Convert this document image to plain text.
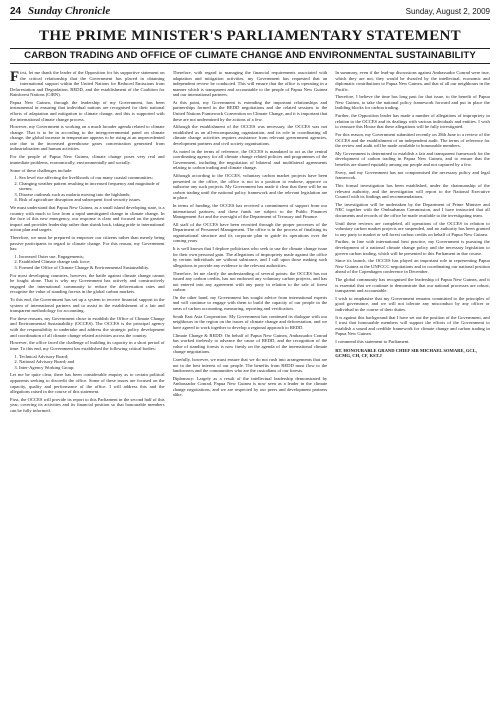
24 Sunday Chronicle	Sunday, August 2, 2009
THE PRIME MINISTER'S PARLIAMENTARY STATEMENT
CARBON TRADING AND OFFICE OF CLIMATE CHANGE AND ENVIRONMENTAL SUSTAINABILITY

First, let me thank the leader of the Opposition for his supportive statement on the critical relationship that the Government has placed in obtaining international support within the United Nations for Reduced Emissions from Deforestation and Degradation, REDD, and the establishment of the Coalition for Rainforest Nations (CfRN).

Papua New Guinea, through the leadership of my Government, has been instrumental in ensuring that individual nations are recognised for their national efforts of adaptation and mitigation to climate change, and this is supported with the international climate change process.

However, my Government is working on a much broader agenda related to climate change. That is to be in according to the intergovernmental panel on climate change, the global increase in temperature appears to be rising at an unprecedented rate due to the increased greenhouse gases concentration generated from industrialisation and human activities.

For the people of Papua New Guinea, climate change poses very real and immediate problems, economically, environmentally and socially.

Some of these challenges include:

1. Sea level rise affecting the livelihoods of our many coastal communities;
2. Changing weather pattern resulting in increased frequency and magnitude of storms;
3. Disease outbreak such as malaria moving into the highlands;
4. Risk of agriculture disruption and subsequent food security issues.

We must understand that Papua New Guinea, as a small island developing state, is a country with much to lose from a rapid unmitigated change in climate change. In the face of this new emergency, our response is clear and focused on the greatest impact and provides leadership rather than shrink back, taking pride to international action plan and targets.

Therefore, we must be prepared to empower our citizens rather than merely being passive participants in regard to climate change. For this reason, my Government has:

1. Increased Outer use, Engagements;
2. Established Climate change task force;
3. Formed the Office of Climate Change & Environmental Sustainability.

For most developing countries, however, the battle against climate change cannot be fought alone. That is why my Government has actively and constructively engaged the international community to reduce the deforestation rates and recognise the value of standing forests in the global carbon markets.

To this end, the Government has set up a system to receive financial support in the system of international partners and to assist in the establishment of a fair and transparent methodology for accounting.

For these reasons, my Government chose to establish the Office of Climate Change and Environmental Sustainability (OCCES). The OCCES is the principal agency with the responsibility to undertake and address the strategic policy development and coordination of all climate change related activities across the country.

However, the office faced the challenge of building its capacity in a short period of time. To this end, my Government has established the following critical bodies:

1. Technical Advisory Board;
2. National Advisory Board; and
3. Inter-Agency Working Group.

Let me be quite clear, there has been considerable enquiry as to certain political opponents seeking to discredit the office. Some of these issues are focused on the capacity, quality and performance of the office. I will address this and the allegations raised in the course of this statement.

First, the OCCES will provide its report to this Parliament in the second half of this year, covering its activities and its financial position so that honourable members can be fully informed.

Therefore, with regard to managing the financial requirements associated with adaptation and mitigation activities, my Government has requested that an independent review be conducted. This will ensure that the office is operating in a manner which is transparent and accountable to the people of Papua New Guinea and our international partners.

At this point, my Government is extending the important relationships and partnerships formed in the REDD negotiations and the related sessions to the United Nations Framework Convention on Climate Change, and it is important that these are not undermined by the actions of a few.

Although the establishment of the OCCES was necessary, the OCCES was not established as an all-encompassing organization, and its role in coordinating all climate change activities requires assistance from relevant government agencies, development partners and civil society organisations.

As noted in the terms of reference, the OCCES is mandated to act as the central coordinating agency for all climate change related policies and programmes of the Government, including the negotiation of bilateral and multilateral agreements relating to carbon trading and climate change.

Although according to the OCCES, voluntary carbon market projects have been presented to the office, the office is not in a position to endorse, approve or authorise any such projects. My Government has made it clear that there will be no carbon trading until the national policy framework and the relevant legislation are in place.

In terms of funding, the OCCES has received a commitment of support from our international partners, and these funds are subject to the Public Finances Management Act and the oversight of the Department of Treasury and Finance.

All staff of the OCCES have been recruited through the proper processes of the Department of Personnel Management. The office is in the process of finalising its organisational structure and its corporate plan to guide its operations over the coming years.

It is well known that I deplore politicians who seek to use the climate change issue for their own personal gain. The allegations of impropriety made against the office by certain individuals are without substance, and I call upon those making such allegations to provide any evidence to the relevant authorities.

Therefore, let me clarify the understanding of several points: the OCCES has not issued any carbon credits, has not endorsed any voluntary carbon projects, and has not entered into any agreement with any party in relation to the sale of forest carbon.

On the other hand, my Government has sought advice from international experts and will continue to engage with them to build the capacity of our people in the areas of carbon accounting, measuring, reporting and verification.

South East Asia Cooperation: My Government has continued its dialogue with our neighbours in the region on the issues of climate change and deforestation, and we have agreed to work together to develop a regional approach to REDD.

Climate Change & REDD: On behalf of Papua New Guinea, Ambassador Conrad has worked tirelessly to advance the cause of REDD, and the recognition of the value of standing forests is now firmly on the agenda of the international climate change negotiations.

Carefully, however, we must ensure that we do not rush into arrangements that are not in the best interest of our people. The benefits from REDD must flow to the landowners and the communities who are the custodians of our forests.

Diplomacy: Largely as a result of the intellectual leadership demonstrated by Ambassador Conrad, Papua New Guinea is now seen as a leader in the climate change negotiations, and we are respected by our peers and development partners alike.

In summary, even if the lead-up discussions against Ambassador Conrad were true, which they are not, they would be dwarfed by the intellectual, economic and diplomatic contributions to Papua New Guinea, and that of all our neighbours in the Pacific.

Therefore, I believe the time has long past for that issue, to the benefit of Papua New Guinea, to take the national policy framework forward and put in place the building blocks for carbon trading.

Further, the Opposition leader has made a number of allegations of impropriety in relation to the OCCES and its dealings with various individuals and entities. I wish to reassure this House that these allegations will be fully investigated.

For this reason, my Government submitted recently on 28th June to a review of the OCCES and the establishment of an independent audit. The terms of reference for the review and audit will be made available to honourable members.

My Government is determined to establish a fair and transparent framework for the development of carbon trading in Papua New Guinea, and to ensure that the benefits are shared equitably among our people and not captured by a few.

Every, and my Government has not compromised the necessary policy and legal framework.

This formal investigation has been established, under the chairmanship of the relevant authority, and the investigation will report to the National Executive Council with its findings and recommendations.

The investigation will be undertaken by the Department of Prime Minister and NEC together with the Ombudsman Commission, and I have instructed that all documents and records of the office be made available to the investigating team.

Until these reviews are completed, all operations of the OCCES in relation to voluntary carbon market projects are suspended, and no authority has been granted to any party to market or sell forest carbon credits on behalf of Papua New Guinea.

Further, in line with international best practice, my Government is pursuing the development of a national climate change policy and the necessary legislation to govern carbon trading, which will be presented to this Parliament in due course.

Since its launch, the OCCES has played an important role in representing Papua New Guinea at the UNFCCC negotiations and in coordinating our national position ahead of the Copenhagen conference in December.

The global community has recognised the leadership of Papua New Guinea, and it is essential that we continue to demonstrate that our national processes are robust, transparent and accountable.

I wish to emphasise that my Government remains committed to the principles of good governance, and we will not tolerate any misconduct by any officer or individual in the course of their duties.

It is against this background that I have set out the position of the Government, and I trust that honourable members will support the efforts of the Government to establish a sound and credible framework for climate change and carbon trading in Papua New Guinea.

I commend this statement to Parliament.

RT. HONOURABLE GRAND CHIEF SIR MICHAEL SOMARE, GCL, GCMG, CH, CF, KST.J
